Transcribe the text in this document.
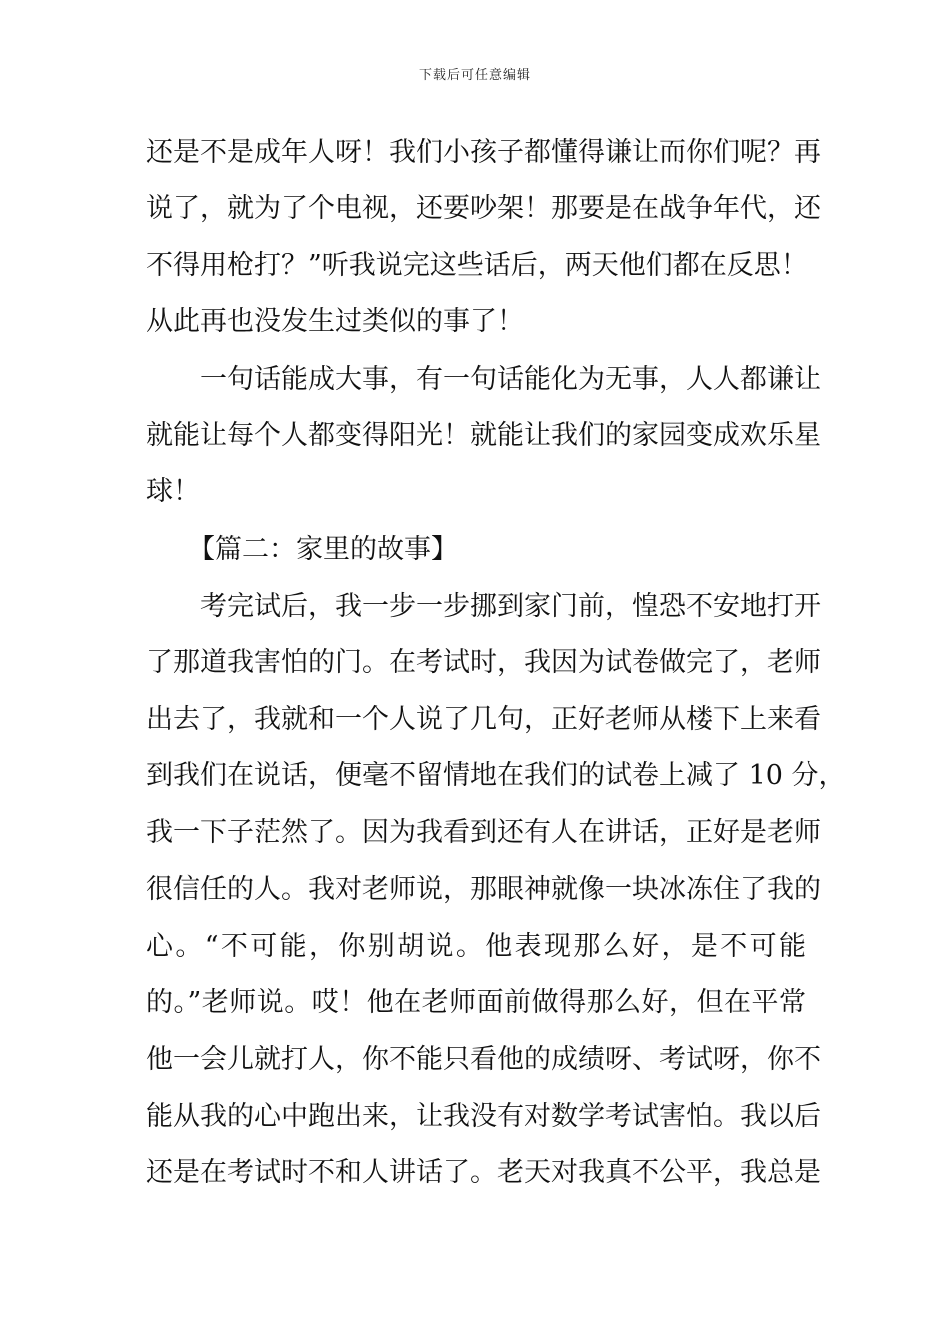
下载后可任意编辑
还是不是成年人呀！我们小孩子都懂得谦让而你们呢？再
说了，就为了个电视，还要吵架！那要是在战争年代，还
不得用枪打？”听我说完这些话后，两天他们都在反思！
从此再也没发生过类似的事了！
一句话能成大事，有一句话能化为无事，人人都谦让
就能让每个人都变得阳光！就能让我们的家园变成欢乐星
球！
【篇二：家里的故事】
考完试后，我一步一步挪到家门前，惶恐不安地打开
了那道我害怕的门。在考试时，我因为试卷做完了，老师
出去了，我就和一个人说了几句，正好老师从楼下上来看
到我们在说话，便毫不留情地在我们的试卷上减了 10 分，
我一下子茫然了。因为我看到还有人在讲话，正好是老师
很信任的人。我对老师说，那眼神就像一块冰冻住了我的
心。“不可能，你别胡说。他表现那么好，是不可能
的。”老师说。哎！他在老师面前做得那么好，但在平常
他一会儿就打人，你不能只看他的成绩呀、考试呀，你不
能从我的心中跑出来，让我没有对数学考试害怕。我以后
还是在考试时不和人讲话了。老天对我真不公平，我总是
